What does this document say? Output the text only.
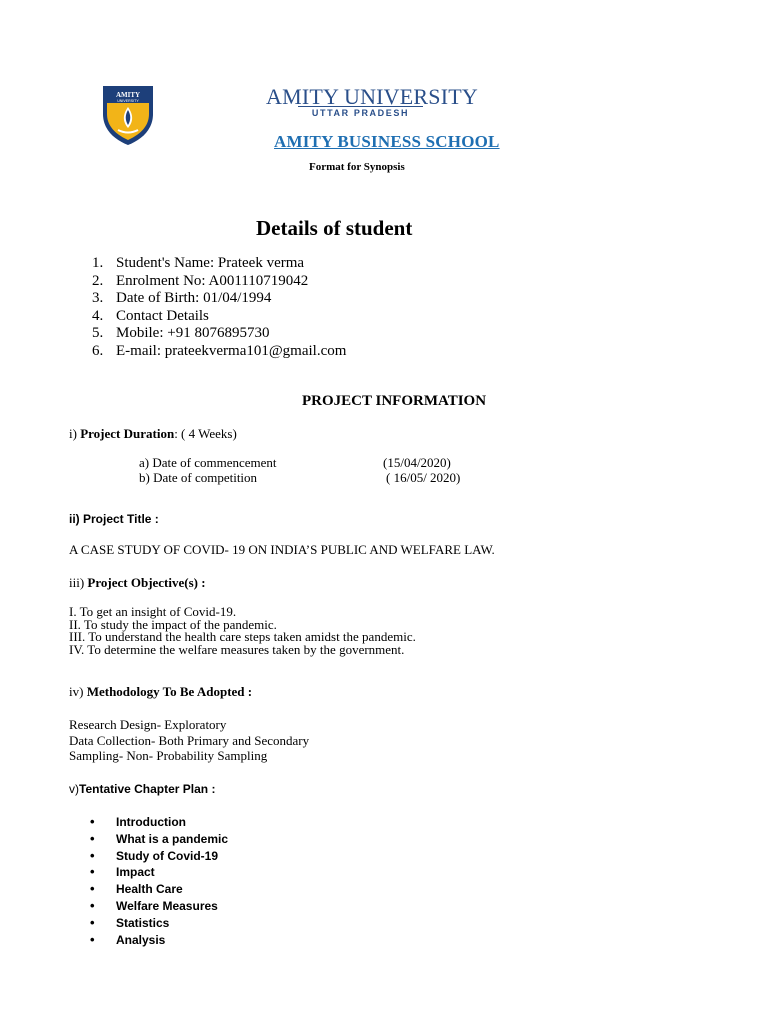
AMITY
UNIVERSITY	AMITY UNIVERSITY
UTTAR PRADESH
AMITY BUSINESS SCHOOL
Format for Synopsis
Details of student
1. Student's Name: Prateek verma
2. Enrolment No: A001110719042
3. Date of Birth: 01/04/1994
4. Contact Details
5. Mobile: +91 8076895730
6. E-mail: prateekverma101@gmail.com
PROJECT INFORMATION
i) Project Duration: ( 4 Weeks)
a) Date of commencement	(15/04/2020)
b) Date of competition	( 16/05/ 2020)
ii) Project Title :
A CASE STUDY OF COVID- 19 ON INDIA’S PUBLIC AND WELFARE LAW.
iii) Project Objective(s) :
I. To get an insight of Covid-19.
II. To study the impact of the pandemic.
III. To understand the health care steps taken amidst the pandemic.
IV. To determine the welfare measures taken by the government.
iv) Methodology To Be Adopted :
Research Design- Exploratory
Data Collection- Both Primary and Secondary
Sampling- Non- Probability Sampling
v)Tentative Chapter Plan :
• Introduction
• What is a pandemic
• Study of Covid-19
• Impact
• Health Care
• Welfare Measures
• Statistics
• Analysis
